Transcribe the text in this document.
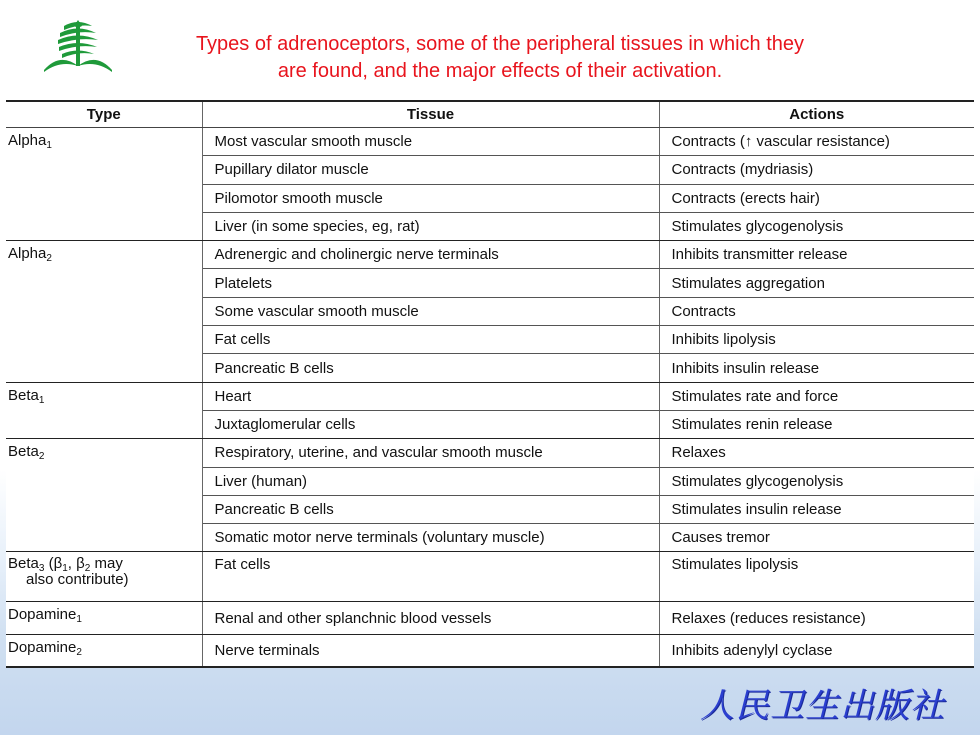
Types of adrenoceptors, some of the peripheral tissues in which they
are found, and the major effects of their activation.
Type	Tissue	Actions
Alpha$_1$	Most vascular smooth muscle	Contracts (↑ vascular resistance)
	Pupillary dilator muscle	Contracts (mydriasis)
	Pilomotor smooth muscle	Contracts (erects hair)
	Liver (in some species, eg, rat)	Stimulates glycogenolysis
Alpha$_2$	Adrenergic and cholinergic nerve terminals	Inhibits transmitter release
	Platelets	Stimulates aggregation
	Some vascular smooth muscle	Contracts
	Fat cells	Inhibits lipolysis
	Pancreatic B cells	Inhibits insulin release
Beta$_1$	Heart	Stimulates rate and force
	Juxtaglomerular cells	Stimulates renin release
Beta$_2$	Respiratory, uterine, and vascular smooth muscle	Relaxes
	Liver (human)	Stimulates glycogenolysis
	Pancreatic B cells	Stimulates insulin release
	Somatic motor nerve terminals (voluntary muscle)	Causes tremor
Beta$_3$ ($\beta_1$, $\beta_2$ may
also contribute)	Fat cells	Stimulates lipolysis
Dopamine$_1$	Renal and other splanchnic blood vessels	Relaxes (reduces resistance)
Dopamine$_2$	Nerve terminals	Inhibits adenylyl cyclase
人民卫生出版社
